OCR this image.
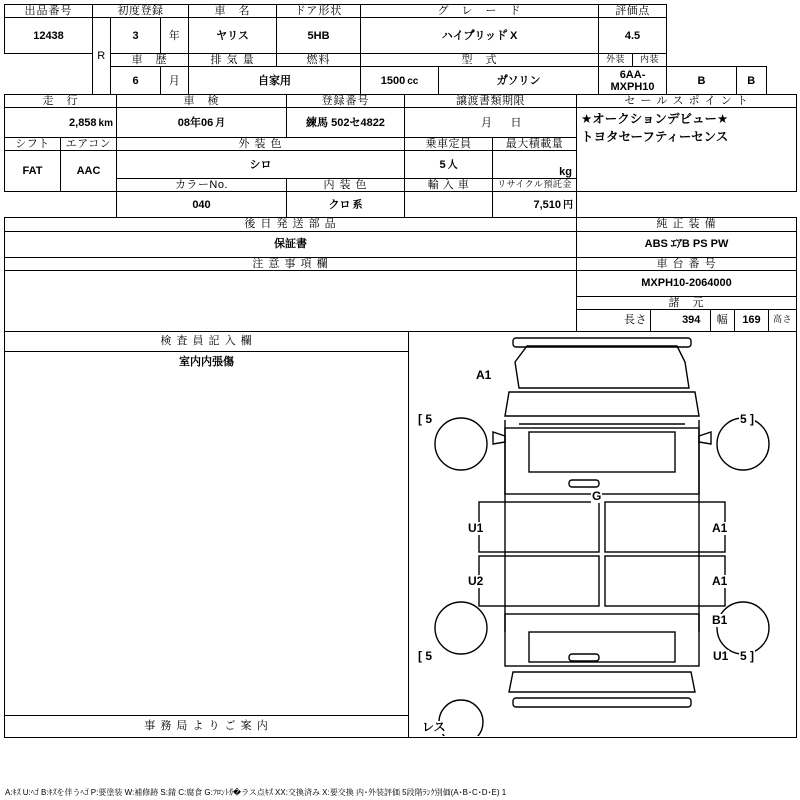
出品番号	初度登録			車　名	ドア形状	グ　レ　ー　ド		評価点				
12438	R	3	年	ヤリス	5HB	ハイブ゚リッド゚ X		4.5				
		車　歴		排 気 量	燃料	型　式		外装	内装			
		6	月	自家用		1500 cc	ガ゚ソリン	6AA-MXPH10		B	B	
走　行		車　検	登録番号	譲渡書類期限			セ ー ル ス ポ イ ン ト

2,858 km	08年06 月	練馬 502セ4822		月	日	★オークションデビュー★
トヨタセーフティーセンス

シフト	エアコン	外 装 色		乗車定員		最大積載量	
FAT	AAC	シロ		5 人		kg	
		カラーNo.	内 装 色	輸 入 車		リサイクル預託金	
		040	クロ 系			7,510 円	

後 日 発 送 部 品	純 正 装 備
保証書	ABS ｴｱB PS PW
注 意 事 項 欄	車 台 番 号					
	MXPH10-2064000					
	諸　元					
	長さ		394	幅	169	高さ
検 査 員 記 入 欄	
A1
[ 5	5 ]
G
U1	A1
U2	A1
B1
U1
[ 5	5 ]
レス

室内内張傷

事 務 局 よ り ご 案 内
A:ｷｽ゚ U:ﾍｺ゚ B:ｷｽ゚を伴うﾍｺ゚ P:要塗装 W:補修跡 S:錆 C:腐食 G:ﾌﾛﾝﾄｶ゚�ラス点ｷｽ゚ XX:交換済み X:要交換 内･外装評価 5段階ﾗﾝｸ別価(A･B･C･D･E) 1
